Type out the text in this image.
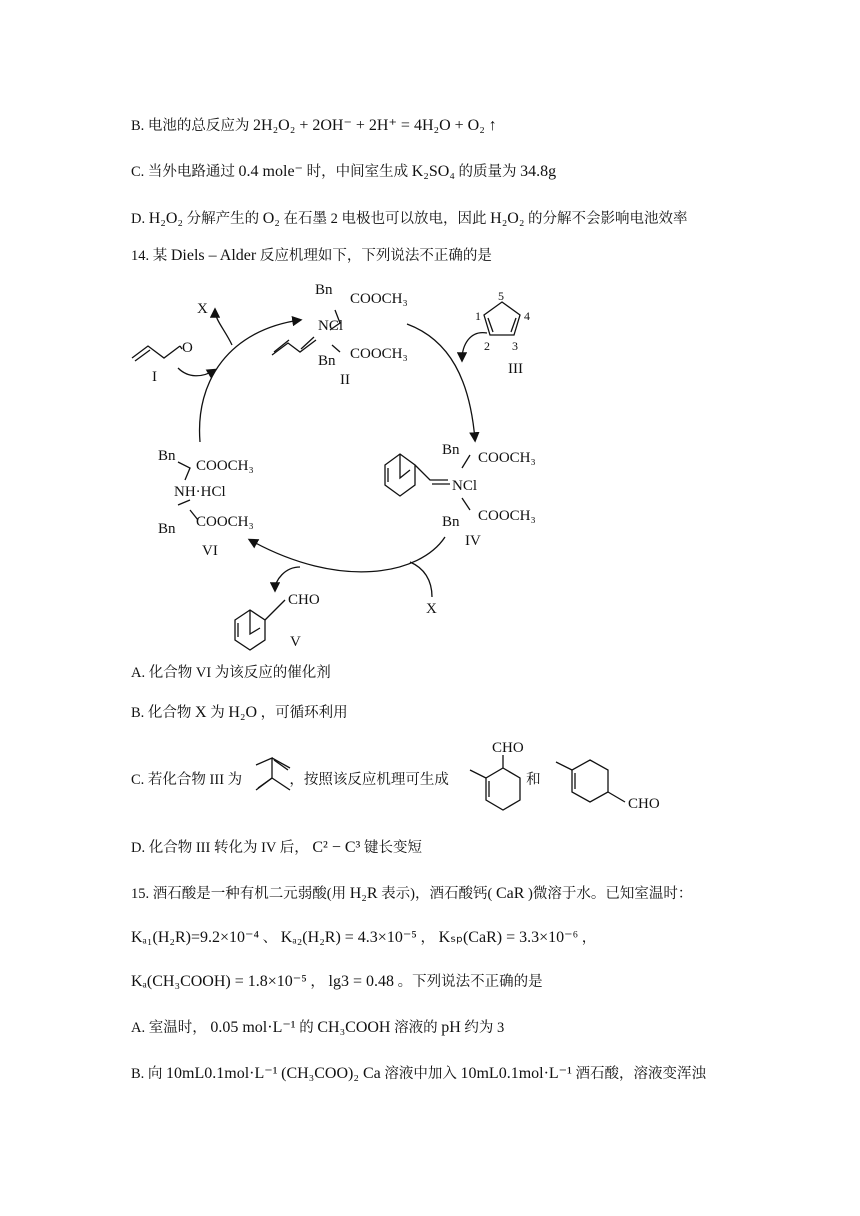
B. 电池的总反应为 2H₂O₂ + 2OH⁻ + 2H⁺ = 4H₂O + O₂ ↑
C. 当外电路通过 0.4 mole⁻ 时，中间室生成 K₂SO₄ 的质量为 34.8g
D. H₂O₂ 分解产生的 O₂ 在石墨 2 电极也可以放电，因此 H₂O₂ 的分解不会影响电池效率
14. 某 Diels – Alder 反应机理如下，下列说法不正确的是
X
O
I
Bn
COOCH₃
NCl
Bn COOCH₃
II
5
1	4
2 3
III
Bn COOCH₃
NCl
Bn COOCH₃
IV
Bn
COOCH₃
NH·HCl
Bn COOCH₃
VI
X
CHO
V
A. 化合物 VI 为该反应的催化剂
B. 化合物 X 为 H₂O ，可循环利用
C. 若化合物 III 为	，按照该反应机理可生成	和
CHO
CHO
D. 化合物 III 转化为 IV 后， C² − C³ 键长变短
15. 酒石酸是一种有机二元弱酸(用 H₂R 表示)，酒石酸钙( CaR )微溶于水。已知室温时：
Kₐ₁(H₂R)=9.2×10⁻⁴ 、 Kₐ₂(H₂R) = 4.3×10⁻⁵ ， Kₛₚ(CaR) = 3.3×10⁻⁶ ，
Kₐ(CH₃COOH) = 1.8×10⁻⁵ ， lg3 = 0.48 。下列说法不正确的是
A. 室温时， 0.05 mol·L⁻¹ 的 CH₃COOH 溶液的 pH 约为 3
B. 向 10mL0.1mol·L⁻¹ (CH₃COO)₂ Ca 溶液中加入 10mL0.1mol·L⁻¹ 酒石酸，溶液变浑浊
